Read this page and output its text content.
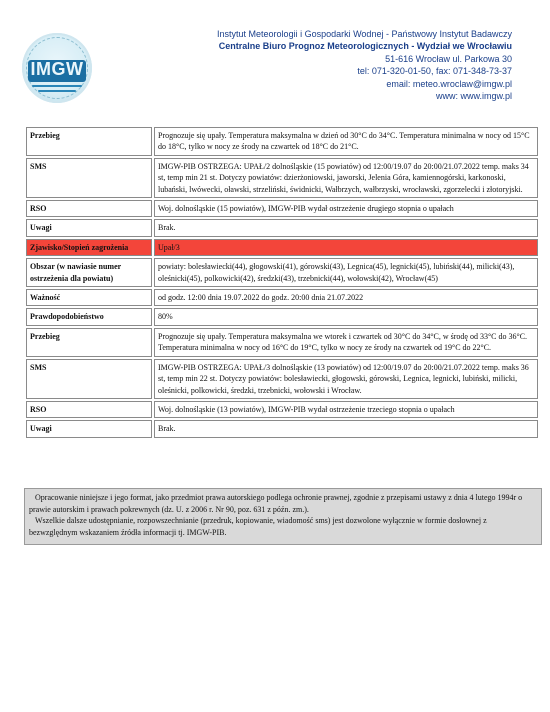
IMGW
Instytut Meteorologii i Gospodarki Wodnej - Państwowy Instytut Badawczy
Centralne Biuro Prognoz Meteorologicznych - Wydział we Wrocławiu
51-616 Wrocław ul. Parkowa 30
tel: 071-320-01-50, fax: 071-348-73-37
email: meteo.wroclaw@imgw.pl
www: www.imgw.pl
Przebieg	Prognozuje się upały. Temperatura maksymalna w dzień od 30°C do 34°C. Temperatura minimalna w nocy od 15°C do 18°C, tylko w nocy ze środy na czwartek od 18°C do 21°C.
SMS	IMGW-PIB OSTRZEGA: UPAŁ/2 dolnośląskie (15 powiatów) od 12:00/19.07 do 20:00/21.07.2022 temp. maks 34 st, temp min 21 st. Dotyczy powiatów: dzierżoniowski, jaworski, Jelenia Góra, kamiennogórski, karkonoski, lubański, lwówecki, oławski, strzeliński, świdnicki, Wałbrzych, wałbrzyski, wrocławski, zgorzelecki i złotoryjski.
RSO	Woj. dolnośląskie (15 powiatów), IMGW-PIB wydał ostrzeżenie drugiego stopnia o upałach
Uwagi	Brak.
Zjawisko/Stopień zagrożenia	Upał/3
Obszar (w nawiasie numer ostrzeżenia dla powiatu)	powiaty: bolesławiecki(44), głogowski(41), górowski(43), Legnica(45), legnicki(45), lubiński(44), milicki(43), oleśnicki(45), polkowicki(42), średzki(43), trzebnicki(44), wołowski(42), Wrocław(45)
Ważność	od godz. 12:00 dnia 19.07.2022 do godz. 20:00 dnia 21.07.2022
Prawdopodobieństwo	80%
Przebieg	Prognozuje się upały. Temperatura maksymalna we wtorek i czwartek od 30°C do 34°C, w środę od 33°C do 36°C. Temperatura minimalna w nocy od 16°C do 19°C, tylko w nocy ze środy na czwartek od 19°C do 22°C.
SMS	IMGW-PIB OSTRZEGA: UPAŁ/3 dolnośląskie (13 powiatów) od 12:00/19.07 do 20:00/21.07.2022 temp. maks 36 st, temp min 22 st. Dotyczy powiatów: bolesławiecki, głogowski, górowski, Legnica, legnicki, lubiński, milicki, oleśnicki, polkowicki, średzki, trzebnicki, wołowski i Wrocław.
RSO	Woj. dolnośląskie (13 powiatów), IMGW-PIB wydał ostrzeżenie trzeciego stopnia o upałach
Uwagi	Brak.

Opracowanie niniejsze i jego format, jako przedmiot prawa autorskiego podlega ochronie prawnej, zgodnie z przepisami ustawy z dnia 4 lutego 1994r o prawie autorskim i prawach pokrewnych (dz. U. z 2006 r. Nr 90, poz. 631 z późn. zm.).

Wszelkie dalsze udostępnianie, rozpowszechnianie (przedruk, kopiowanie, wiadomość sms) jest dozwolone wyłącznie w formie dosłownej z bezwzględnym wskazaniem źródła informacji tj. IMGW-PIB.
